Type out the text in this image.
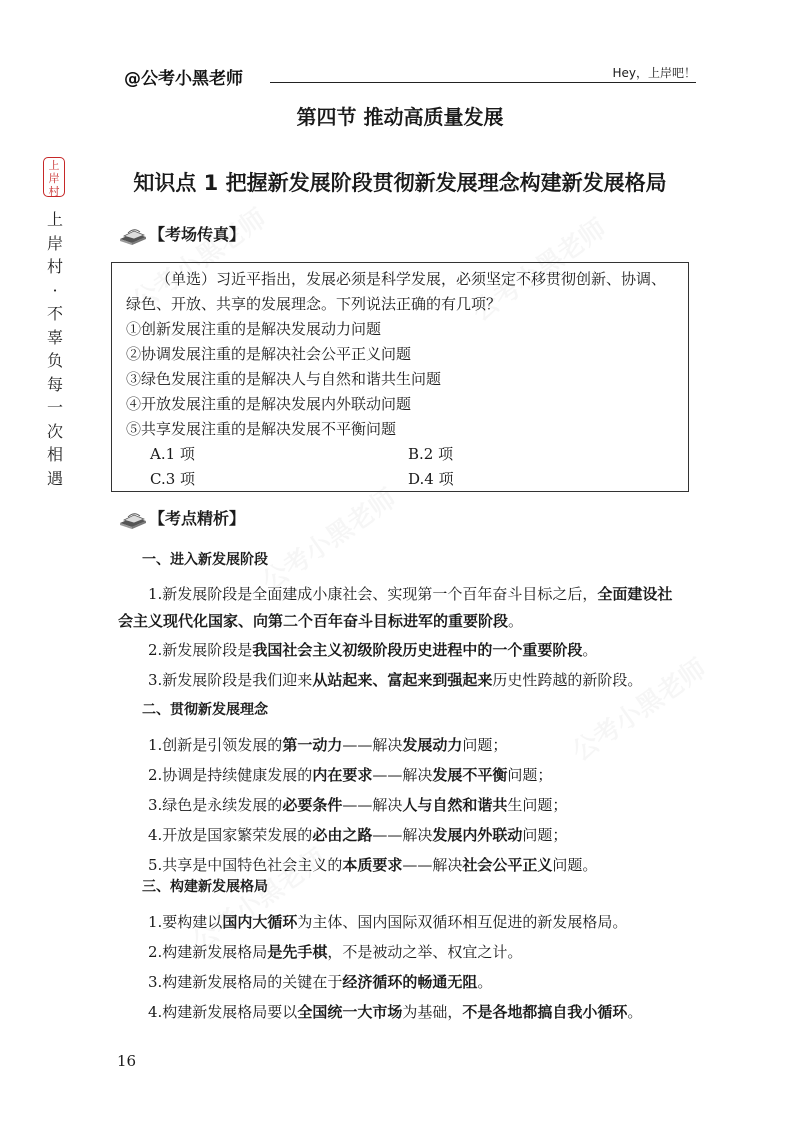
@公考小黑老师	Hey，上岸吧！
上
岸
村
上
岸
村
·
不
辜
负
每
一
次
相
遇
第四节 推动高质量发展
知识点 1 把握新发展阶段贯彻新发展理念构建新发展格局
【考场传真】

（单选）习近平指出，发展必须是科学发展，必须坚定不移贯彻创新、协调、绿色、开放、共享的发展理念。下列说法正确的有几项？

①创新发展注重的是解决发展动力问题

②协调发展注重的是解决社会公平正义问题

③绿色发展注重的是解决人与自然和谐共生问题

④开放发展注重的是解决发展内外联动问题

⑤共享发展注重的是解决发展不平衡问题

A.1 项	B.2 项
C.3 项	D.4 项
【考点精析】

一、进入新发展阶段

1.新发展阶段是全面建成小康社会、实现第一个百年奋斗目标之后，全面建设社会主义现代化国家、向第二个百年奋斗目标进军的重要阶段。

2.新发展阶段是我国社会主义初级阶段历史进程中的一个重要阶段。

3.新发展阶段是我们迎来从站起来、富起来到强起来历史性跨越的新阶段。

二、贯彻新发展理念

1.创新是引领发展的第一动力——解决发展动力问题；

2.协调是持续健康发展的内在要求——解决发展不平衡问题；

3.绿色是永续发展的必要条件——解决人与自然和谐共生问题；

4.开放是国家繁荣发展的必由之路——解决发展内外联动问题；

5.共享是中国特色社会主义的本质要求——解决社会公平正义问题。

三、构建新发展格局

1.要构建以国内大循环为主体、国内国际双循环相互促进的新发展格局。

2.构建新发展格局是先手棋，不是被动之举、权宜之计。

3.构建新发展格局的关键在于经济循环的畅通无阻。

4.构建新发展格局要以全国统一大市场为基础，不是各地都搞自我小循环。

16
